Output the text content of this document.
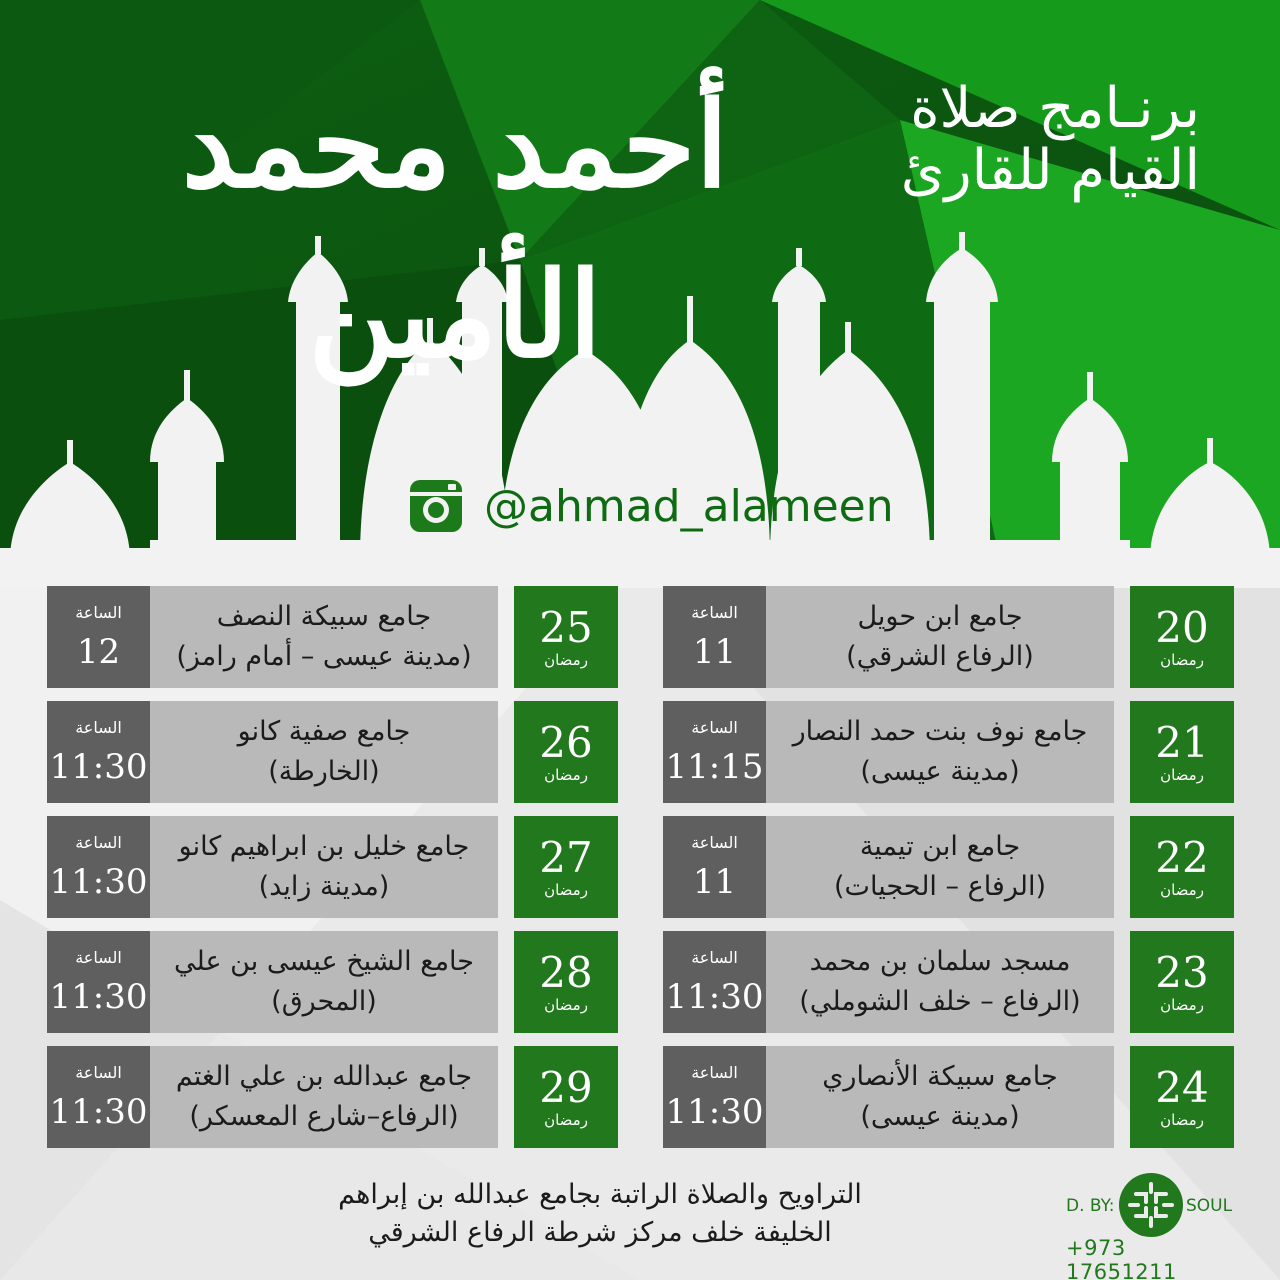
برنـامج صلاة
القيام للقارئ
أحمد محمد الأمين
@ahmad_alameen
الساعة
11
جامع ابن حويل
(الرفاع الشرقي)
20
رمضان
الساعة
11:15
جامع نوف بنت حمد النصار
(مدينة عيسى)
21
رمضان
الساعة
11
جامع ابن تيمية
(الرفاع – الحجيات)
22
رمضان
الساعة
11:30
مسجد سلمان بن محمد
(الرفاع – خلف الشوملي)
23
رمضان
الساعة
11:30
جامع سبيكة الأنصاري
(مدينة عيسى)
24
رمضان
الساعة
12
جامع سبيكة النصف
(مدينة عيسى – أمام رامز)
25
رمضان
الساعة
11:30
جامع صفية كانو
(الخارطة)
26
رمضان
الساعة
11:30
جامع خليل بن ابراهيم كانو
(مدينة زايد)
27
رمضان
الساعة
11:30
جامع الشيخ عيسى بن علي
(المحرق)
28
رمضان
الساعة
11:30
جامع عبدالله بن علي الغتم
(الرفاع–شارع المعسكر)
29
رمضان
التراويح والصلاة الراتبة بجامع عبدالله بن إبراهم
الخليفة خلف مركز شرطة الرفاع الشرقي
D. BY:	SOUL
+973 17651211
